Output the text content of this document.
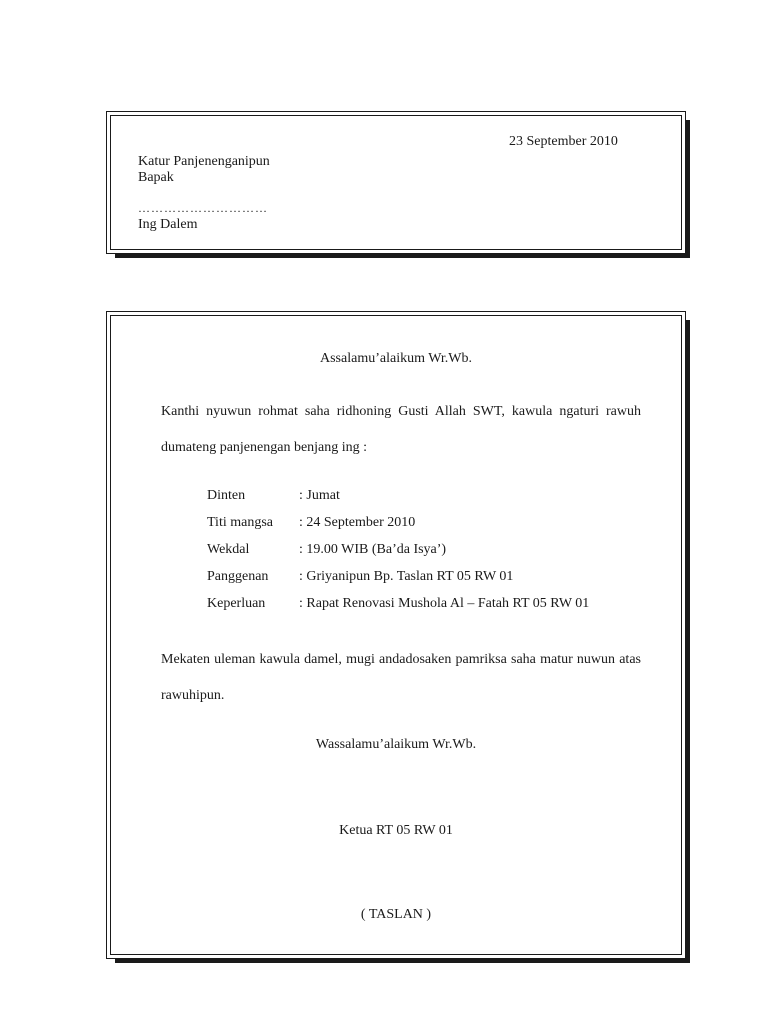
23 September 2010
Katur Panjenenganipun
Bapak
…………………………
Ing Dalem
Assalamu’alaikum Wr.Wb.
Kanthi nyuwun rohmat saha ridhoning Gusti Allah SWT, kawula ngaturi rawuh dumateng panjenengan benjang ing :
Dinten	: Jumat
Titi mangsa : 24 September 2010
Wekdal	: 19.00 WIB (Ba’da Isya’)
Panggenan : Griyanipun Bp. Taslan RT 05 RW 01
Keperluan : Rapat Renovasi Mushola Al – Fatah RT 05 RW 01
Mekaten uleman kawula damel, mugi andadosaken pamriksa saha matur nuwun atas rawuhipun.
Wassalamu’alaikum Wr.Wb.
Ketua RT 05 RW 01
( TASLAN )
